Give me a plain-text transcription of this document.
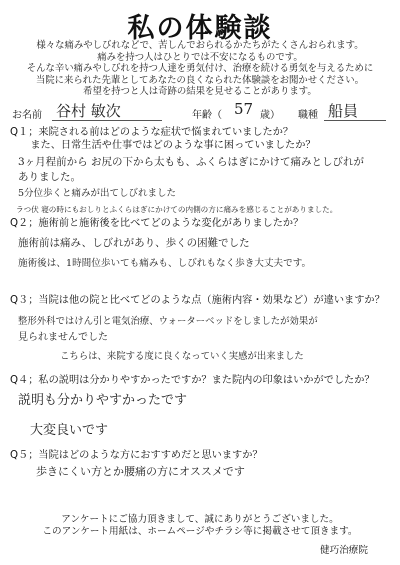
私の体験談
様々な痛みやしびれなどで、苦しんでおられるかたちがたくさんおられます。
痛みを持つ人はひとりでは不安になるものです。
そんな辛い痛みやしびれを持つ人達を勇気付け、治療を続ける勇気を与えるために
当院に来られた先輩としてあなたの良くなられた体験談をお聞かせください。
希望を持つと人は奇跡の結果を見せることがあります。
お名前 谷村 敏次	年齢（ 57 歳） 職種 船員
Q１；来院される前はどのような症状で悩まれていましたか？
　　また、日常生活や仕事ではどのような事に困っていましたか？
3ヶ月程前から お尻の下から太もも、ふくらはぎにかけて痛みとしびれが
ありました。
5分位歩くと痛みが出てしびれました
ラつ伏 寝の時にもおしりとふくらはぎにかけての内側の方に痛みを感じることがありました。
Q２；施術前と施術後を比べてどのような変化がありましたか？
施術前は痛み、しびれがあり、歩くの困難でした
施術後は、1時間位歩いても痛みも、しびれもなく歩き大丈夫です。
Q３；当院は他の院と比べてどのような点（施術内容・効果など）が違いますか？
整形外科ではけん引と電気治療、ウォーターベッドをしましたが効果が
見られませんでした
こちらは、来院する度に良くなっていく実感が出来ました
Q４；私の説明は分かりやすかったですか？また院内の印象はいかがでしたか？
説明も分かりやすかったです
大変良いです
Q５；当院はどのような方におすすめだと思いますか？
歩きにくい方とか腰痛の方にオススメです
アンケートにご協力頂きまして、誠にありがとうございました。
このアンケート用紙は、ホームページやチラシ等に掲載させて頂きます。
健巧治療院
